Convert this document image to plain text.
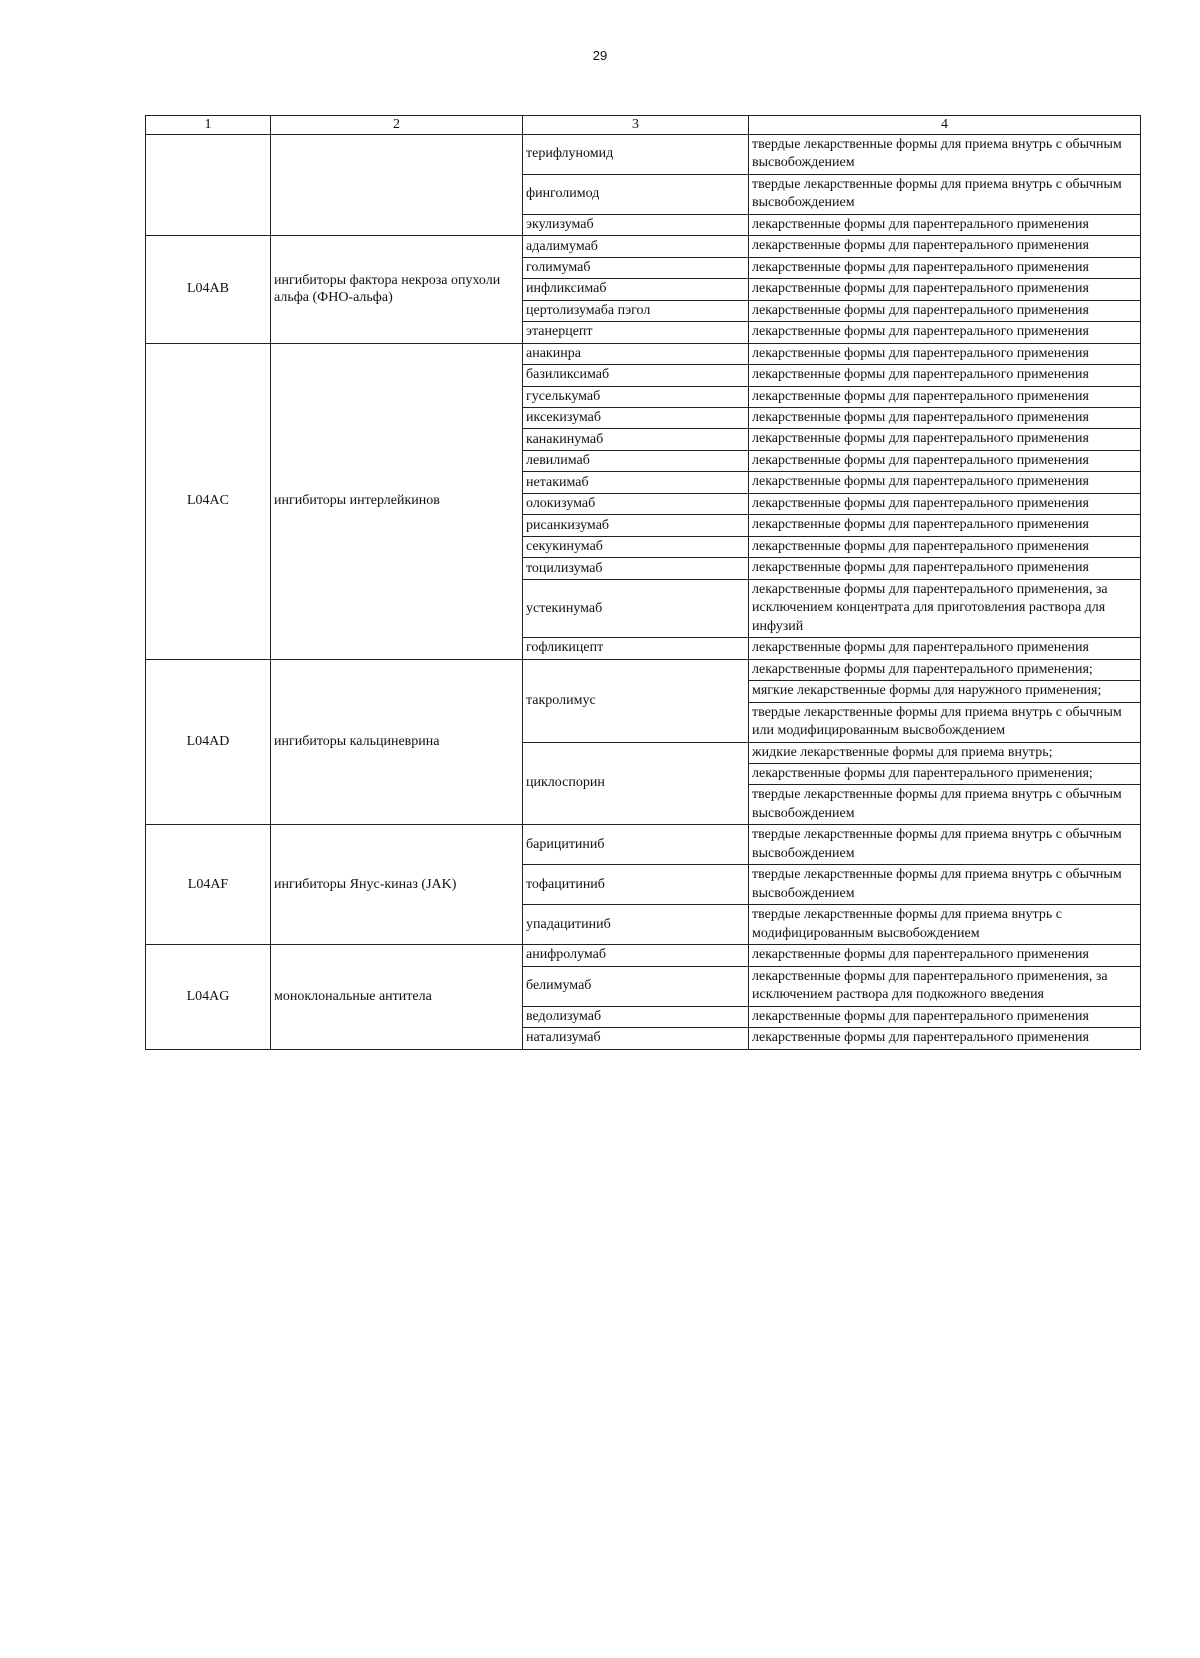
29
1	2	3	4
		терифлуномид	твердые лекарственные формы для приема внутрь с обычным высвобождением
		финголимод	твердые лекарственные формы для приема внутрь с обычным высвобождением
		экулизумаб	лекарственные формы для парентерального применения
L04AB	ингибиторы фактора некроза опухоли альфа (ФНО-альфа)	адалимумаб	лекарственные формы для парентерального применения
		голимумаб	лекарственные формы для парентерального применения
		инфликсимаб	лекарственные формы для парентерального применения
		цертолизумаба пэгол	лекарственные формы для парентерального применения
		этанерцепт	лекарственные формы для парентерального применения
L04AC	ингибиторы интерлейкинов	анакинра	лекарственные формы для парентерального применения
		базиликсимаб	лекарственные формы для парентерального применения
		гуселькумаб	лекарственные формы для парентерального применения
		иксекизумаб	лекарственные формы для парентерального применения
		канакинумаб	лекарственные формы для парентерального применения
		левилимаб	лекарственные формы для парентерального применения
		нетакимаб	лекарственные формы для парентерального применения
		олокизумаб	лекарственные формы для парентерального применения
		рисанкизумаб	лекарственные формы для парентерального применения
		секукинумаб	лекарственные формы для парентерального применения
		тоцилизумаб	лекарственные формы для парентерального применения
		устекинумаб	лекарственные формы для парентерального применения, за исключением концентрата для приготовления раствора для инфузий
		гофликицепт	лекарственные формы для парентерального применения
L04AD	ингибиторы кальциневрина	такролимус	лекарственные формы для парентерального применения;
			мягкие лекарственные формы для наружного применения;
			твердые лекарственные формы для приема внутрь с обычным или модифицированным высвобождением
		циклоспорин	жидкие лекарственные формы для приема внутрь;
			лекарственные формы для парентерального применения;
			твердые лекарственные формы для приема внутрь с обычным высвобождением
L04AF	ингибиторы Янус-киназ (JAK)	барицитиниб	твердые лекарственные формы для приема внутрь с обычным высвобождением
		тофацитиниб	твердые лекарственные формы для приема внутрь с обычным высвобождением
		упадацитиниб	твердые лекарственные формы для приема внутрь с модифицированным высвобождением
L04AG	моноклональные антитела	анифролумаб	лекарственные формы для парентерального применения
		белимумаб	лекарственные формы для парентерального применения, за исключением раствора для подкожного введения
		ведолизумаб	лекарственные формы для парентерального применения
		натализумаб	лекарственные формы для парентерального применения
